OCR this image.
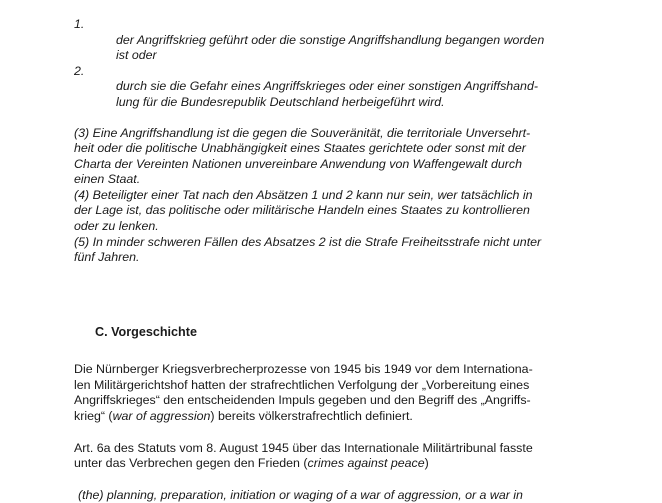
1.
der Angriffskrieg geführt oder die sonstige Angriffshandlung begangen worden
ist oder
2.
durch sie die Gefahr eines Angriffskrieges oder einer sonstigen Angriffshand-
lung für die Bundesrepublik Deutschland herbeigeführt wird.
(3) Eine Angriffshandlung ist die gegen die Souveränität, die territoriale Unversehrt-
heit oder die politische Unabhängigkeit eines Staates gerichtete oder sonst mit der
Charta der Vereinten Nationen unvereinbare Anwendung von Waffengewalt durch
einen Staat.
(4) Beteiligter einer Tat nach den Absätzen 1 und 2 kann nur sein, wer tatsächlich in
der Lage ist, das politische oder militärische Handeln eines Staates zu kontrollieren
oder zu lenken.
(5) In minder schweren Fällen des Absatzes 2 ist die Strafe Freiheitsstrafe nicht unter
fünf Jahren.
C. Vorgeschichte
Die Nürnberger Kriegsverbrecherprozesse von 1945 bis 1949 vor dem Internationa-
len Militärgerichtshof hatten der strafrechtlichen Verfolgung der „Vorbereitung eines
Angriffskrieges“ den entscheidenden Impuls gegeben und den Begriff des „Angriffs-
krieg“ (war of aggression) bereits völkerstrafrechtlich definiert.
Art. 6a des Statuts vom 8. August 1945 über das Internationale Militärtribunal fasste
unter das Verbrechen gegen den Frieden (crimes against peace)
(the) planning, preparation, initiation or waging of a war of aggression, or a war in
